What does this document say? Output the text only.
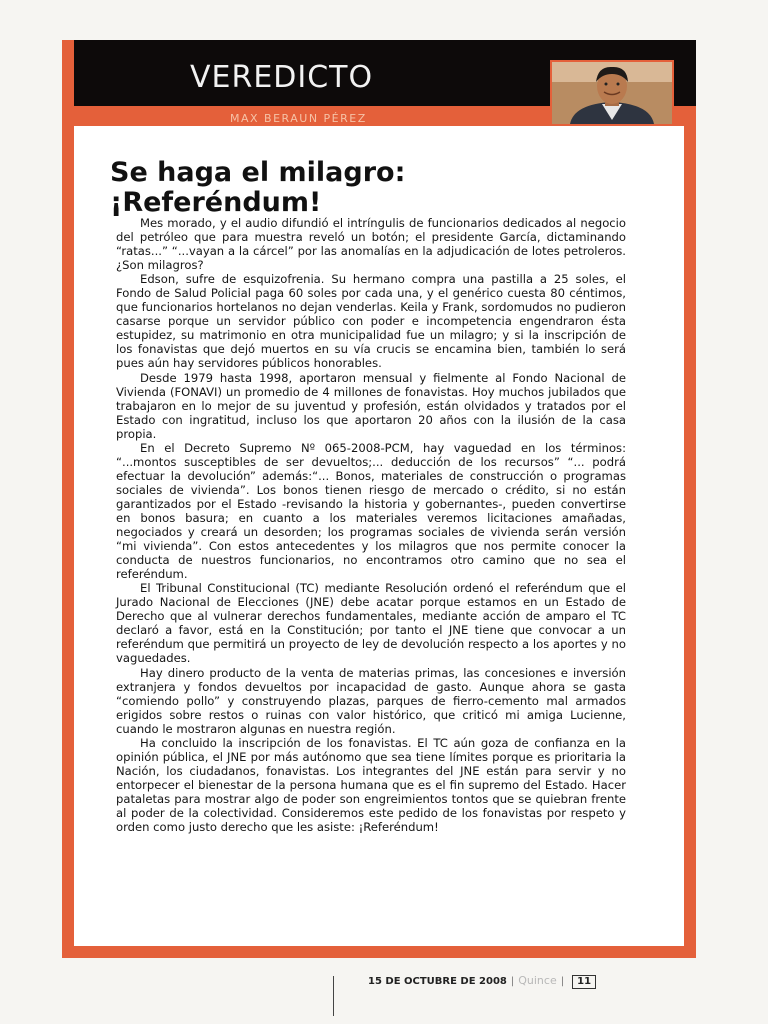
VEREDICTO
MAX BERAUN PÉREZ
Se haga el milagro:
¡Referéndum!

Mes morado, y el audio difundió el intríngulis de funcionarios dedicados al negocio del petróleo que para muestra reveló un botón; el presidente García, dictaminando “ratas...” “...vayan a la cárcel” por las anomalías en la adjudicación de lotes petroleros. ¿Son milagros?

Edson, sufre de esquizofrenia. Su hermano compra una pastilla a 25 soles, el Fondo de Salud Policial paga 60 soles por cada una, y el genérico cuesta 80 céntimos, que funcionarios hortelanos no dejan venderlas. Keila y Frank, sordomudos no pudieron casarse porque un servidor público con poder e incompetencia engendraron ésta estupidez, su matrimonio en otra municipalidad fue un milagro; y si la inscripción de los fonavistas que dejó muertos en su vía crucis se encamina bien, también lo será pues aún hay servidores públicos honorables.

Desde 1979 hasta 1998, aportaron mensual y fielmente al Fondo Nacional de Vivienda (FONAVI) un promedio de 4 millones de fonavistas. Hoy muchos jubilados que trabajaron en lo mejor de su juventud y profesión, están olvidados y tratados por el Estado con ingratitud, incluso los que aportaron 20 años con la ilusión de la casa propia.

En el Decreto Supremo Nº 065-2008-PCM, hay vaguedad en los términos: “...montos susceptibles de ser devueltos;... deducción de los recursos” “... podrá efectuar la devolución” además:“... Bonos, materiales de construcción o programas sociales de vivienda”. Los bonos tienen riesgo de mercado o crédito, si no están garantizados por el Estado -revisando la historia y gobernantes-, pueden convertirse en bonos basura; en cuanto a los materiales veremos licitaciones amañadas, negociados y creará un desorden; los programas sociales de vivienda serán versión “mi vivienda”. Con estos antecedentes y los milagros que nos permite conocer la conducta de nuestros funcionarios, no encontramos otro camino que no sea el referéndum.

El Tribunal Constitucional (TC) mediante Resolución ordenó el referéndum que el Jurado Nacional de Elecciones (JNE) debe acatar porque estamos en un Estado de Derecho que al vulnerar derechos fundamentales, mediante acción de amparo el TC declaró a favor, está en la Constitución; por tanto el JNE tiene que convocar a un referéndum que permitirá un proyecto de ley de devolución respecto a los aportes y no vaguedades.

Hay dinero producto de la venta de materias primas, las concesiones e inversión extranjera y fondos devueltos por incapacidad de gasto. Aunque ahora se gasta “comiendo pollo” y construyendo plazas, parques de fierro-cemento mal armados erigidos sobre restos o ruinas con valor histórico, que criticó mi amiga Lucienne, cuando le mostraron algunas en nuestra región.

Ha concluido la inscripción de los fonavistas. El TC aún goza de confianza en la opinión pública, el JNE por más autónomo que sea tiene límites porque es prioritaria la Nación, los ciudadanos, fonavistas. Los integrantes del JNE están para servir y no entorpecer el bienestar de la persona humana que es el fin supremo del Estado. Hacer pataletas para mostrar algo de poder son engreimientos tontos que se quiebran frente al poder de la colectividad. Consideremos este pedido de los fonavistas por respeto y orden como justo derecho que les asiste: ¡Referéndum!

15 DE OCTUBRE DE 2008 | Quince | 11
